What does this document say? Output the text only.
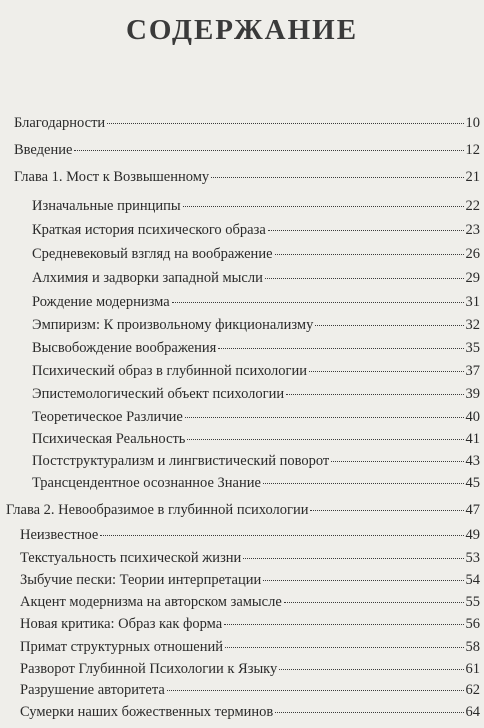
СОДЕРЖАНИЕ
Благодарности	10
Введение	12
Глава 1. Мост к Возвышенному	21
Изначальные принципы	22
Краткая история психического образа	23
Средневековый взгляд на воображение	26
Алхимия и задворки западной мысли	29
Рождение модернизма	31
Эмпиризм: К произвольному фикционализму	32
Высвобождение воображения	35
Психический образ в глубинной психологии	37
Эпистемологический объект психологии	39
Теоретическое Различие	40
Психическая Реальность	41
Постструктурализм и лингвистический поворот	43
Трансцендентное осознанное Знание	45
Глава 2. Невообразимое в глубинной психологии	47
Неизвестное	49
Текстуальность психической жизни	53
Зыбучие пески: Теории интерпретации	54
Акцент модернизма на авторском замысле	55
Новая критика: Образ как форма	56
Примат структурных отношений	58
Разворот Глубинной Психологии к Языку	61
Разрушение авторитета	62
Сумерки наших божественных терминов	64
